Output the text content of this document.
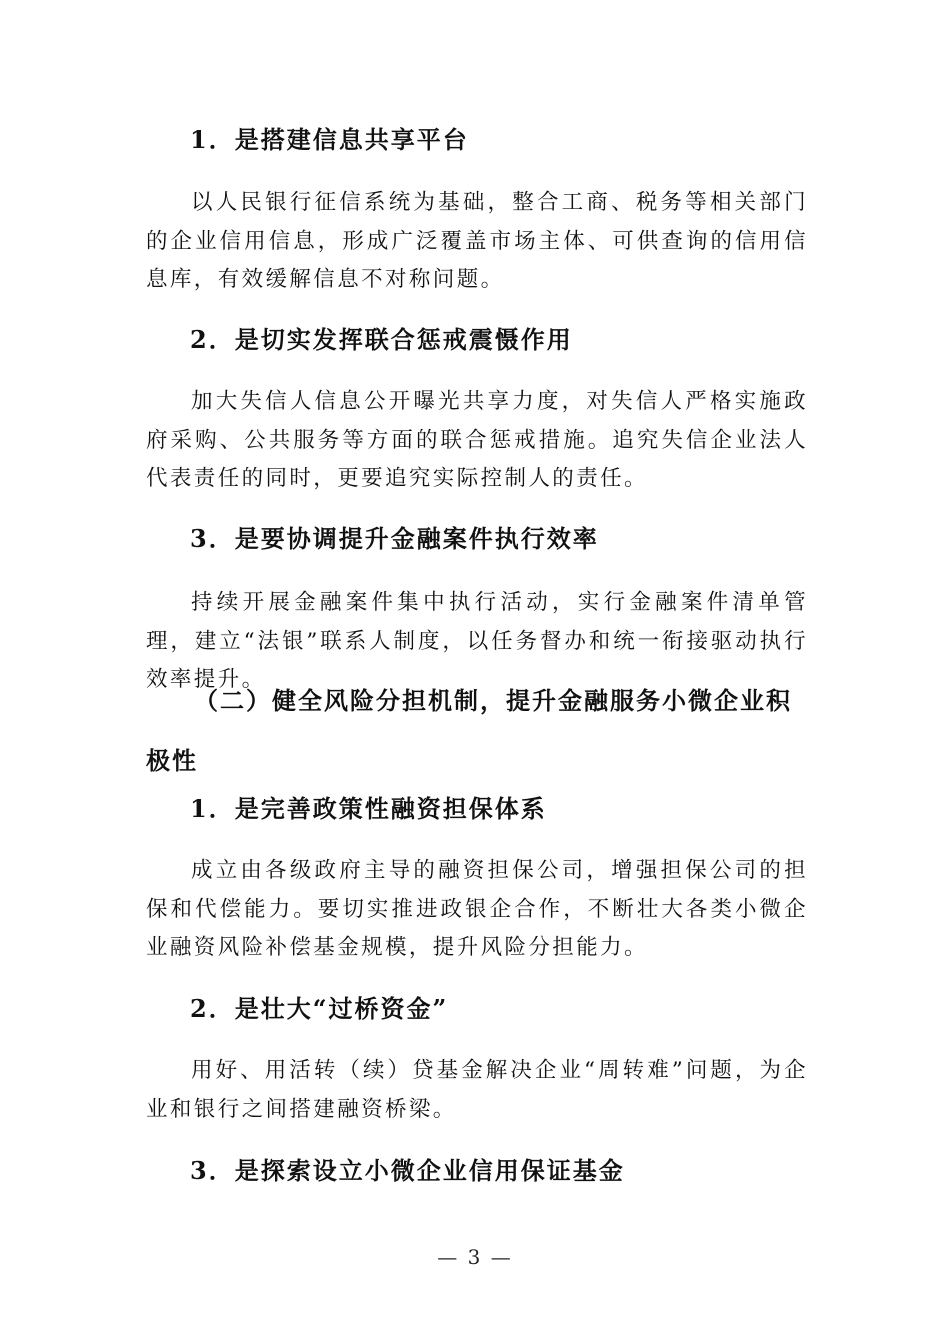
1．是搭建信息共享平台
以人民银行征信系统为基础，整合工商、税务等相关部门的企业信用信息，形成广泛覆盖市场主体、可供查询的信用信息库，有效缓解信息不对称问题。
2．是切实发挥联合惩戒震慑作用
加大失信人信息公开曝光共享力度，对失信人严格实施政府采购、公共服务等方面的联合惩戒措施。追究失信企业法人代表责任的同时，更要追究实际控制人的责任。
3．是要协调提升金融案件执行效率
持续开展金融案件集中执行活动，实行金融案件清单管理，建立“法银”联系人制度，以任务督办和统一衔接驱动执行效率提升。
（二）健全风险分担机制，提升金融服务小微企业积极性
1．是完善政策性融资担保体系
成立由各级政府主导的融资担保公司，增强担保公司的担保和代偿能力。要切实推进政银企合作，不断壮大各类小微企业融资风险补偿基金规模，提升风险分担能力。
2．是壮大“过桥资金”
用好、用活转（续）贷基金解决企业“周转难”问题，为企业和银行之间搭建融资桥梁。
3．是探索设立小微企业信用保证基金
— 3 —
